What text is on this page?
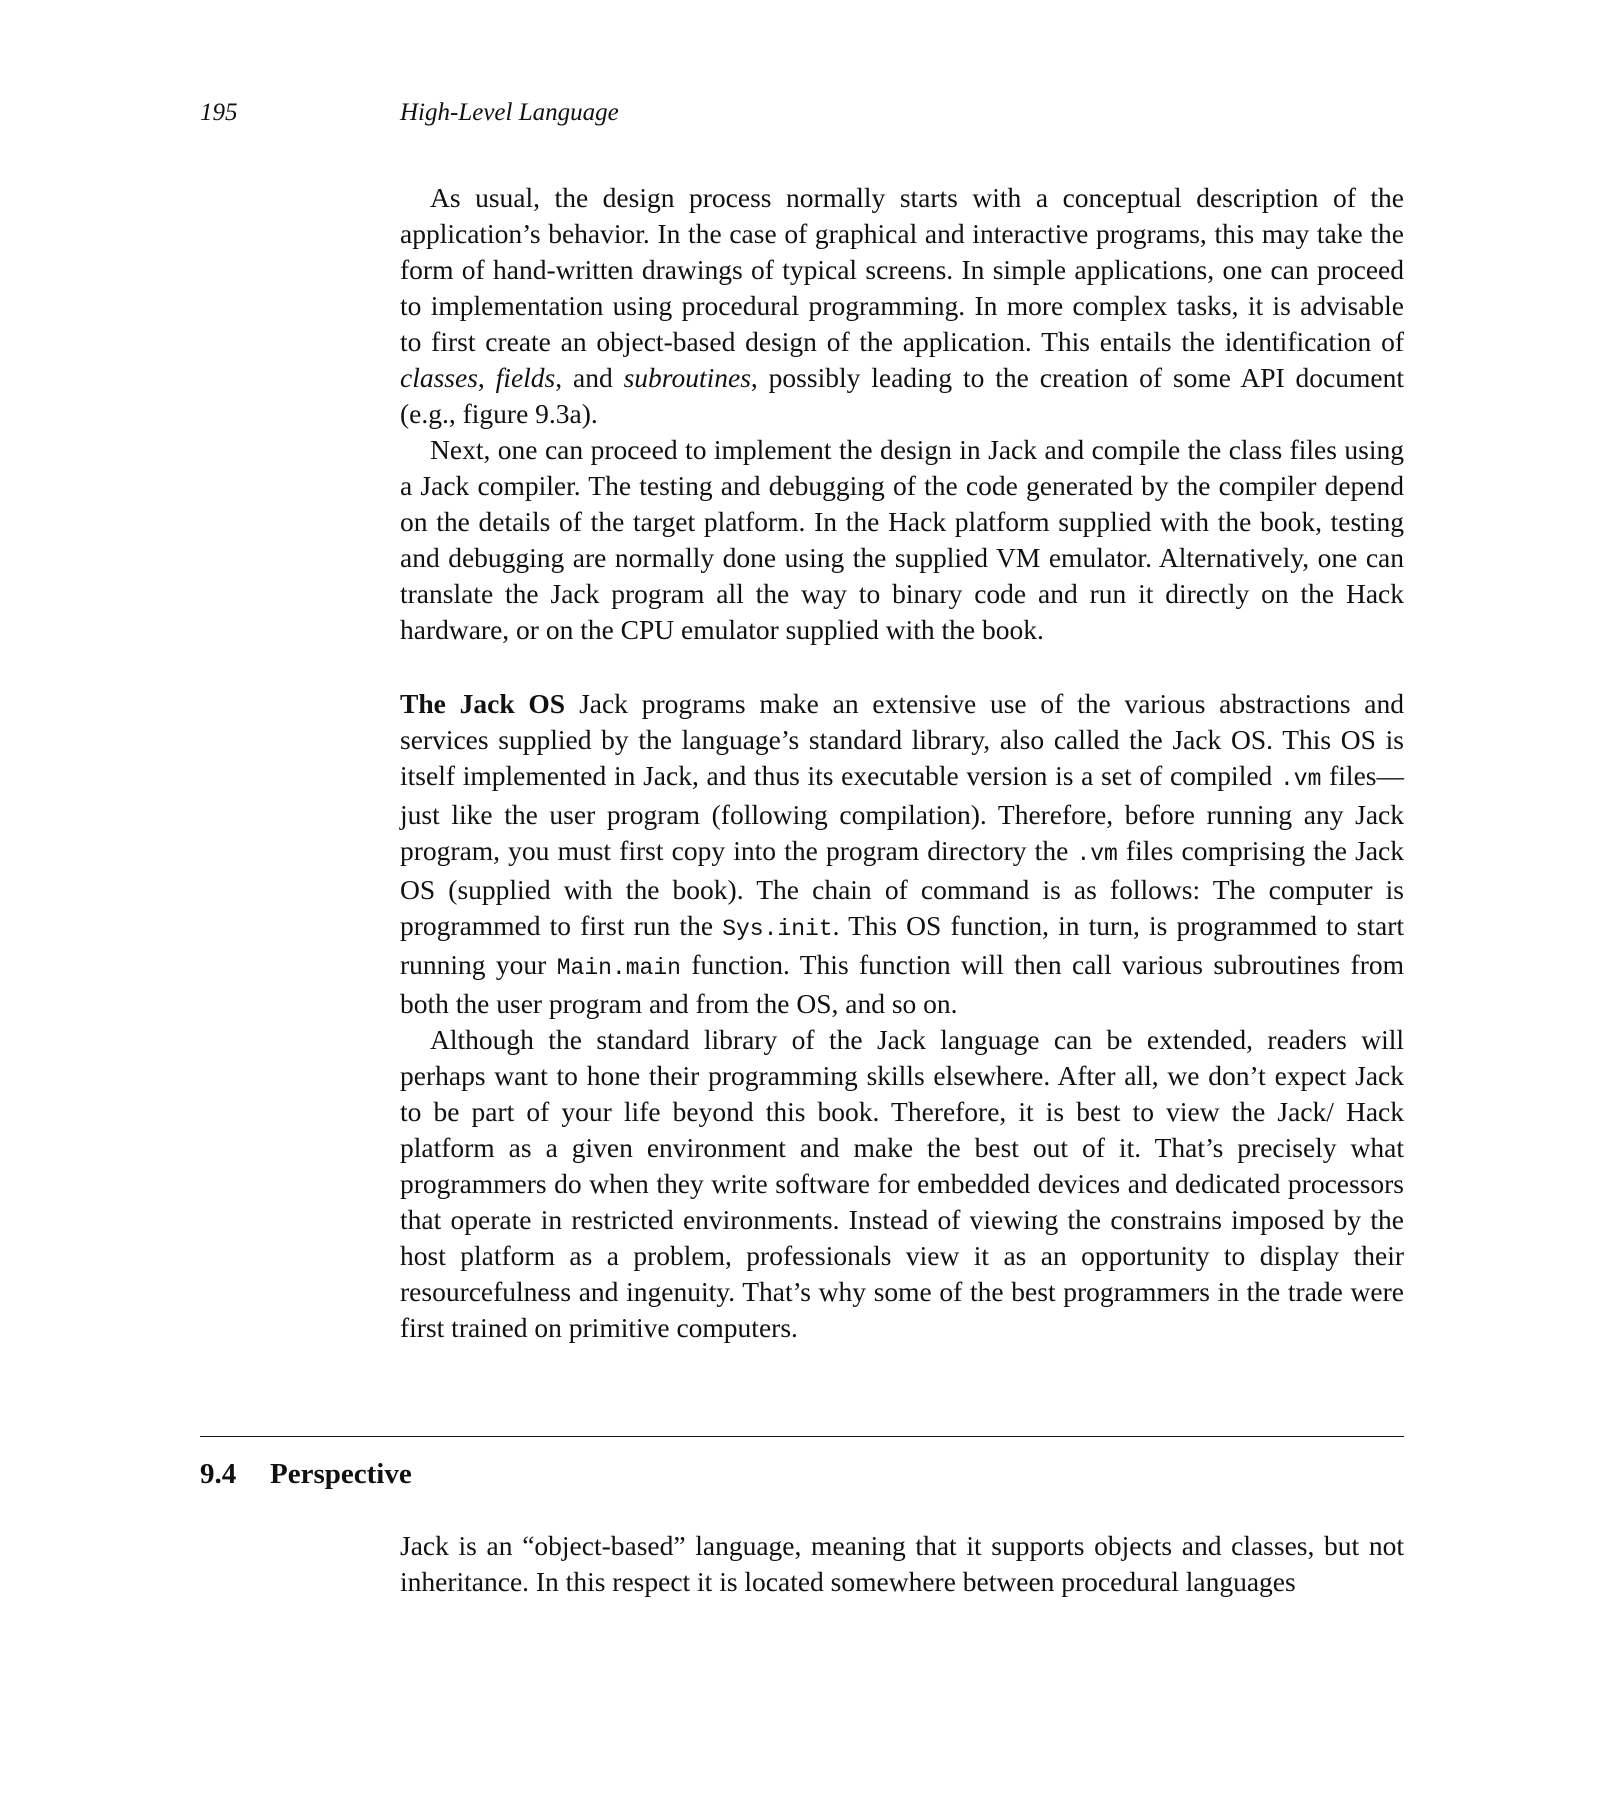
195	High-Level Language

As usual, the design process normally starts with a conceptual description of the application’s behavior. In the case of graphical and interactive programs, this may take the form of hand-written drawings of typical screens. In simple applications, one can proceed to implementation using procedural programming. In more complex tasks, it is advisable to first create an object-based design of the application. This entails the identification of classes, fields, and subroutines, possibly leading to the creation of some API document (e.g., figure 9.3a).

Next, one can proceed to implement the design in Jack and compile the class files using a Jack compiler. The testing and debugging of the code generated by the compiler depend on the details of the target platform. In the Hack platform supplied with the book, testing and debugging are normally done using the supplied VM emulator. Alternatively, one can translate the Jack program all the way to binary code and run it directly on the Hack hardware, or on the CPU emulator supplied with the book.

The Jack OS Jack programs make an extensive use of the various abstractions and services supplied by the language’s standard library, also called the Jack OS. This OS is itself implemented in Jack, and thus its executable version is a set of compiled .vm files—just like the user program (following compilation). Therefore, before running any Jack program, you must first copy into the program directory the .vm files comprising the Jack OS (supplied with the book). The chain of command is as follows: The computer is programmed to first run the Sys.init. This OS function, in turn, is programmed to start running your Main.main function. This function will then call various subroutines from both the user program and from the OS, and so on.

Although the standard library of the Jack language can be extended, readers will perhaps want to hone their programming skills elsewhere. After all, we don’t expect Jack to be part of your life beyond this book. Therefore, it is best to view the Jack/ Hack platform as a given environment and make the best out of it. That’s precisely what programmers do when they write software for embedded devices and dedicated processors that operate in restricted environments. Instead of viewing the constrains imposed by the host platform as a problem, professionals view it as an opportunity to display their resourcefulness and ingenuity. That’s why some of the best programmers in the trade were first trained on primitive computers.

9.4 Perspective

Jack is an “object-based” language, meaning that it supports objects and classes, but not inheritance. In this respect it is located somewhere between procedural languages
